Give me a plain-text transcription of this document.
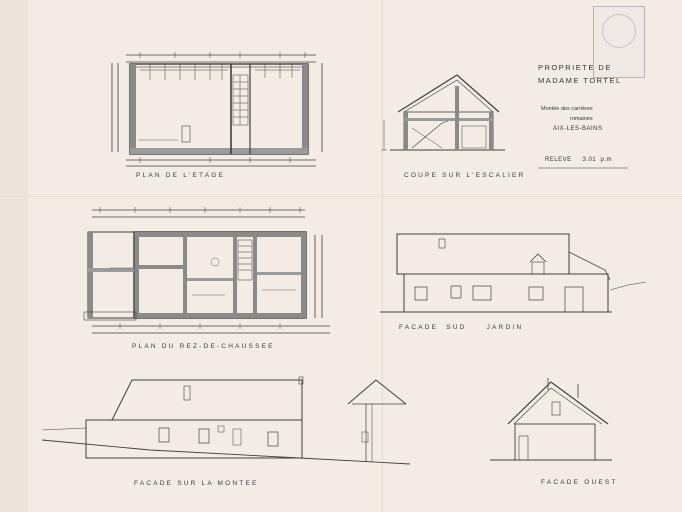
PROPRIETE DE
MADAME TORTEL
Montée des carrières
romaines
AIX-LES-BAINS
RELEVE     3.01  p.m
PLAN DE L'ETAGE	COUPE SUR L'ESCALIER
PLAN DU REZ-DE-CHAUSSEE
FACADE  SUD     JARDIN
FACADE SUR LA MONTEE	FACADE OUEST
